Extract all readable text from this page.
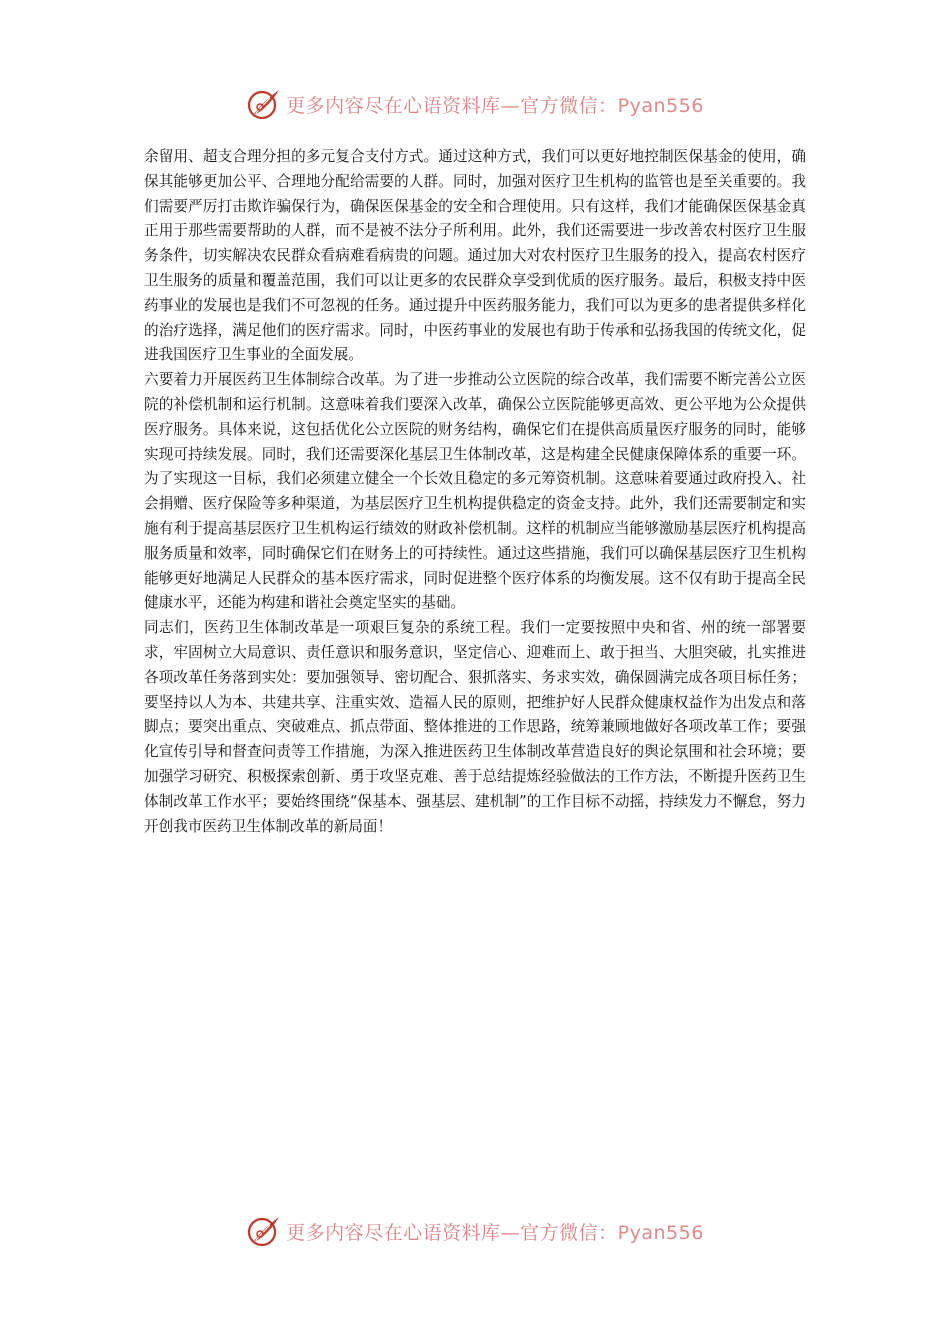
更多内容尽在心语资料库—官方微信：Pyan556

余留用、超支合理分担的多元复合支付方式。通过这种方式，我们可以更好地控制医保基金的使用，确保其能够更加公平、合理地分配给需要的人群。同时，加强对医疗卫生机构的监管也是至关重要的。我们需要严厉打击欺诈骗保行为，确保医保基金的安全和合理使用。只有这样，我们才能确保医保基金真正用于那些需要帮助的人群，而不是被不法分子所利用。此外，我们还需要进一步改善农村医疗卫生服务条件，切实解决农民群众看病难看病贵的问题。通过加大对农村医疗卫生服务的投入，提高农村医疗卫生服务的质量和覆盖范围，我们可以让更多的农民群众享受到优质的医疗服务。最后，积极支持中医药事业的发展也是我们不可忽视的任务。通过提升中医药服务能力，我们可以为更多的患者提供多样化的治疗选择，满足他们的医疗需求。同时，中医药事业的发展也有助于传承和弘扬我国的传统文化，促进我国医疗卫生事业的全面发展。

六要着力开展医药卫生体制综合改革。为了进一步推动公立医院的综合改革，我们需要不断完善公立医院的补偿机制和运行机制。这意味着我们要深入改革，确保公立医院能够更高效、更公平地为公众提供医疗服务。具体来说，这包括优化公立医院的财务结构，确保它们在提供高质量医疗服务的同时，能够实现可持续发展。同时，我们还需要深化基层卫生体制改革，这是构建全民健康保障体系的重要一环。为了实现这一目标，我们必须建立健全一个长效且稳定的多元筹资机制。这意味着要通过政府投入、社会捐赠、医疗保险等多种渠道，为基层医疗卫生机构提供稳定的资金支持。此外，我们还需要制定和实施有利于提高基层医疗卫生机构运行绩效的财政补偿机制。这样的机制应当能够激励基层医疗机构提高服务质量和效率，同时确保它们在财务上的可持续性。通过这些措施，我们可以确保基层医疗卫生机构能够更好地满足人民群众的基本医疗需求，同时促进整个医疗体系的均衡发展。这不仅有助于提高全民健康水平，还能为构建和谐社会奠定坚实的基础。

同志们，医药卫生体制改革是一项艰巨复杂的系统工程。我们一定要按照中央和省、州的统一部署要求，牢固树立大局意识、责任意识和服务意识，坚定信心、迎难而上、敢于担当、大胆突破，扎实推进各项改革任务落到实处：要加强领导、密切配合、狠抓落实、务求实效，确保圆满完成各项目标任务；要坚持以人为本、共建共享、注重实效、造福人民的原则，把维护好人民群众健康权益作为出发点和落脚点；要突出重点、突破难点、抓点带面、整体推进的工作思路，统筹兼顾地做好各项改革工作；要强化宣传引导和督查问责等工作措施，为深入推进医药卫生体制改革营造良好的舆论氛围和社会环境；要加强学习研究、积极探索创新、勇于攻坚克难、善于总结提炼经验做法的工作方法，不断提升医药卫生体制改革工作水平；要始终围绕“保基本、强基层、建机制”的工作目标不动摇，持续发力不懈怠，努力开创我市医药卫生体制改革的新局面！

更多内容尽在心语资料库—官方微信：Pyan556
